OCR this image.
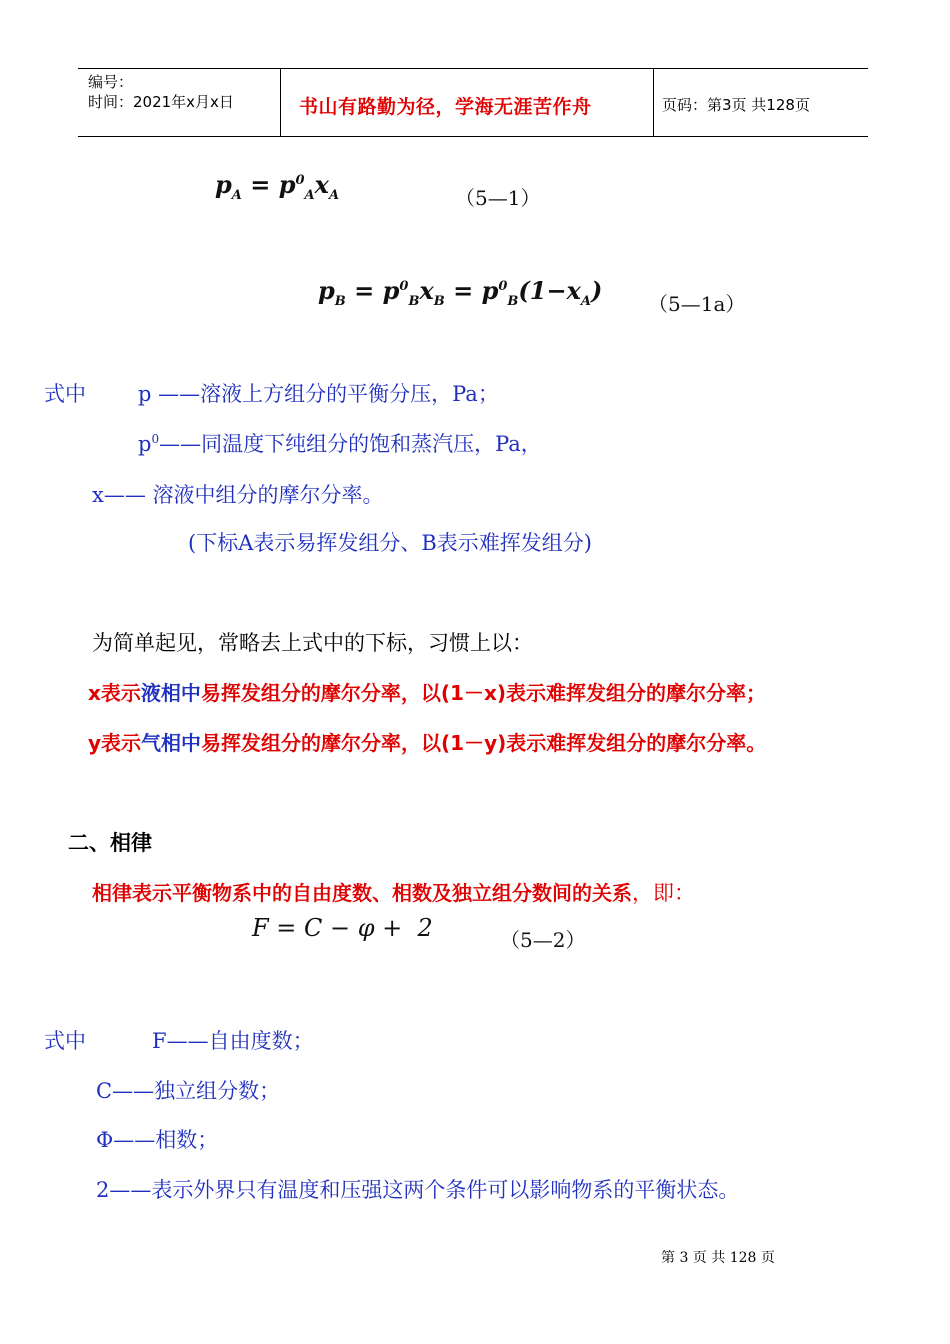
编号：
时间：2021年x月x日	书山有路勤为径，学海无涯苦作舟	页码：第3页 共128页
$p_A = p^0_Ax_A$	（5—1）
$p_B = p^0_Bx_B = p^0_B(1-x_A)$ （5—1a）
式中 p ——溶液上方组分的平衡分压，Pa；
$p^0——$同温度下纯组分的饱和蒸汽压，Pa，
x—— 溶液中组分的摩尔分率。
(下标A表示易挥发组分、B表示难挥发组分)
为简单起见，常略去上式中的下标，习惯上以：
x表示液相中易挥发组分的摩尔分率，以(1－x)表示难挥发组分的摩尔分率；
y表示气相中易挥发组分的摩尔分率，以(1－y)表示难挥发组分的摩尔分率。
二、相律
相律表示平衡物系中的自由度数、相数及独立组分数间的关系，即：
F = C − φ +  2	（5—2）
式中	F——自由度数；
C——独立组分数；
Φ——相数；
2——表示外界只有温度和压强这两个条件可以影响物系的平衡状态。
第 3 页 共 128 页
